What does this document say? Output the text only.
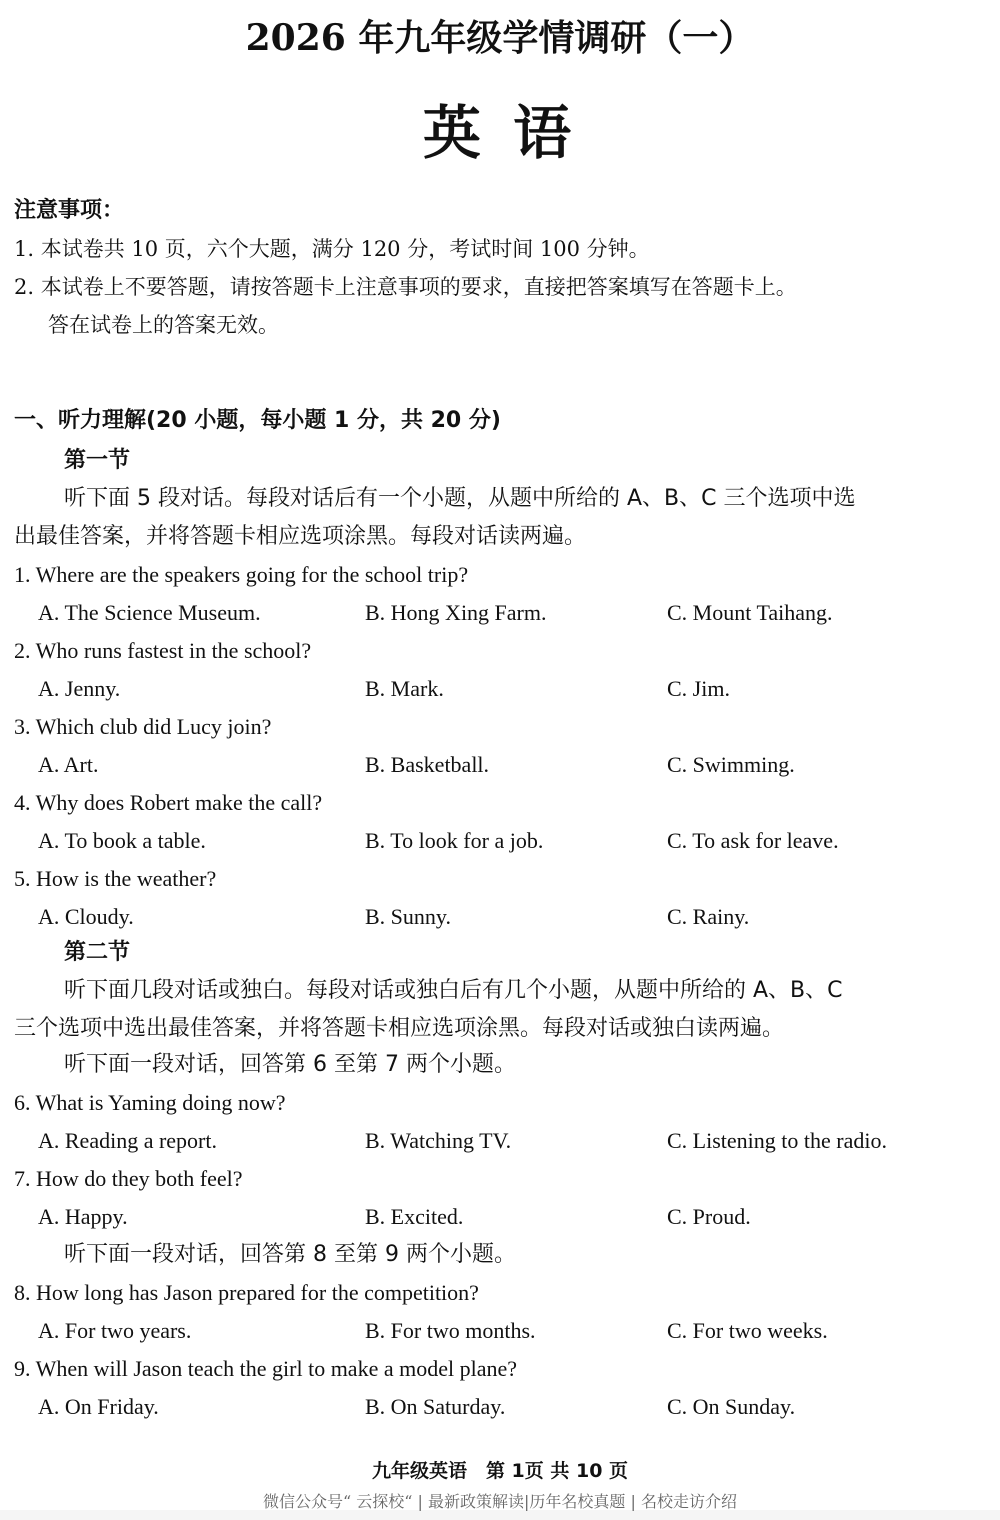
2026 年九年级学情调研（一）
英 语
注意事项：
1. 本试卷共 10 页，六个大题，满分 120 分，考试时间 100 分钟。
2. 本试卷上不要答题，请按答题卡上注意事项的要求，直接把答案填写在答题卡上。
答在试卷上的答案无效。
一、听力理解(20 小题，每小题 1 分，共 20 分)
第一节
听下面 5 段对话。每段对话后有一个小题，从题中所给的 A、B、C 三个选项中选
出最佳答案，并将答题卡相应选项涂黑。每段对话读两遍。
1. Where are the speakers going for the school trip?
A. The Science Museum.	B. Hong Xing Farm.	C. Mount Taihang.
2. Who runs fastest in the school?
A. Jenny.	B. Mark.	C. Jim.
3. Which club did Lucy join?
A. Art.	B. Basketball.	C. Swimming.
4. Why does Robert make the call?
A. To book a table.	B. To look for a job.	C. To ask for leave.
5. How is the weather?
A. Cloudy.	B. Sunny.	C. Rainy.
第二节
听下面几段对话或独白。每段对话或独白后有几个小题，从题中所给的 A、B、C
三个选项中选出最佳答案，并将答题卡相应选项涂黑。每段对话或独白读两遍。
听下面一段对话，回答第 6 至第 7 两个小题。
6. What is Yaming doing now?
A. Reading a report.	B. Watching TV.	C. Listening to the radio.
7. How do they both feel?
A. Happy.	B. Excited.	C. Proud.
听下面一段对话，回答第 8 至第 9 两个小题。
8. How long has Jason prepared for the competition?
A. For two years.	B. For two months.	C. For two weeks.
9. When will Jason teach the girl to make a model plane?
A. On Friday.	B. On Saturday.	C. On Sunday.
九年级英语　第 1页 共 10 页
微信公众号“ 云探校“ | 最新政策解读|历年名校真题 | 名校走访介绍
